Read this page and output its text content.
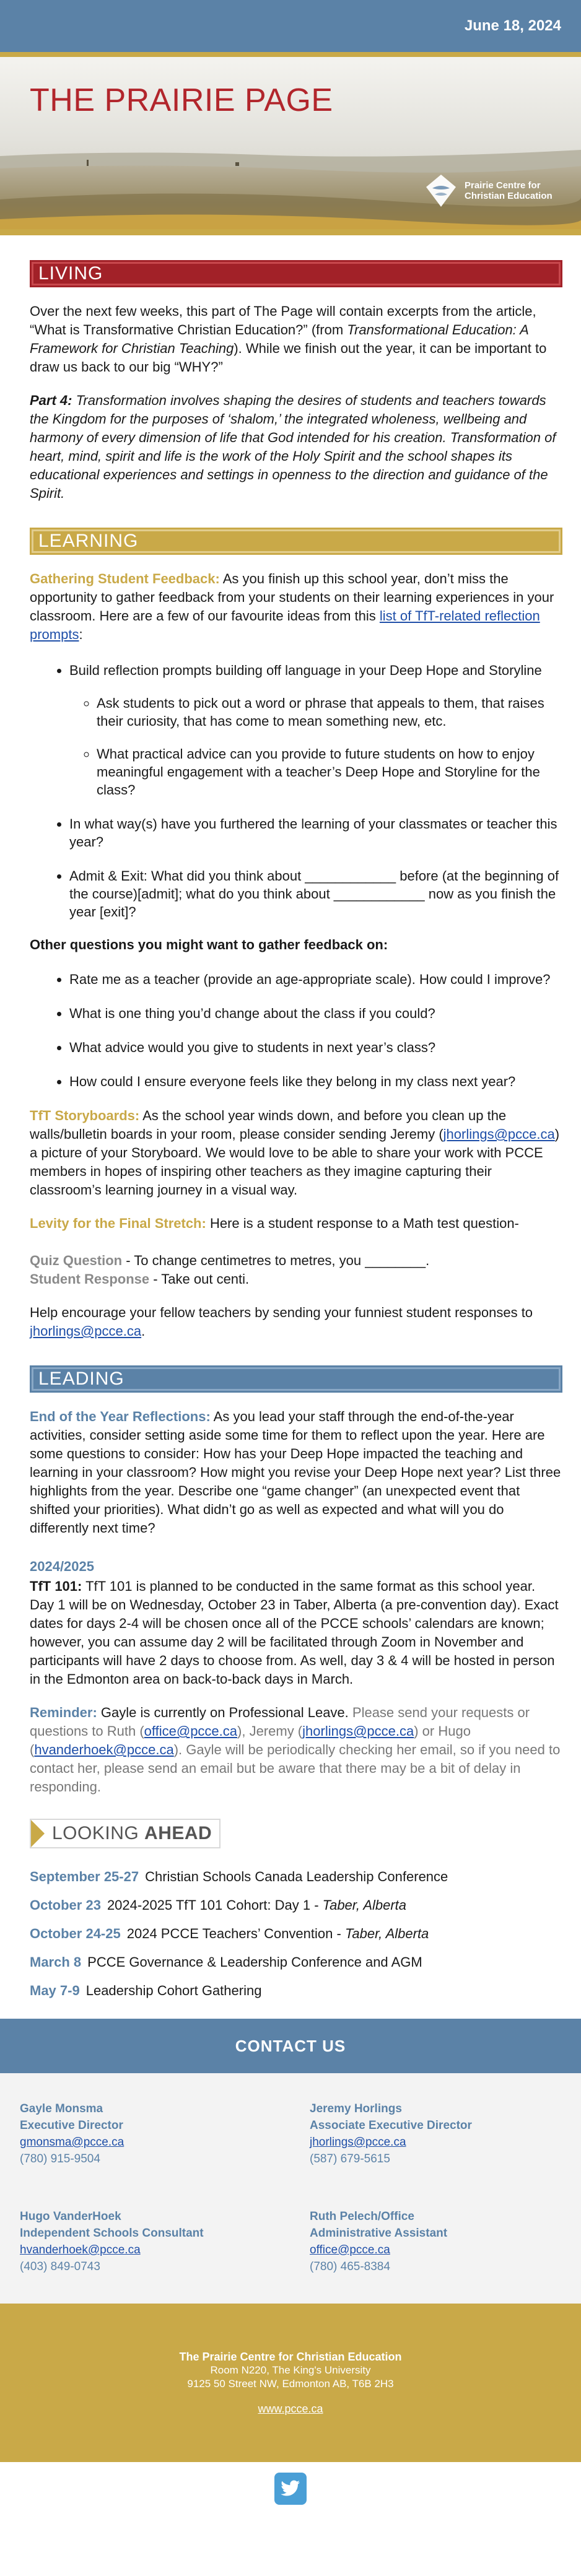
June 18, 2024
THE PRAIRIE PAGE
Prairie Centre for
Christian Education
LIVING

Over the next few weeks, this part of The Page will contain excerpts from the article, “What is Transformative Christian Education?” (from Transformational Education: A Framework for Christian Teaching). While we finish out the year, it can be important to draw us back to our big “WHY?”

Part 4: Transformation involves shaping the desires of students and teachers towards the Kingdom for the purposes of ‘shalom,’ the integrated wholeness, wellbeing and harmony of every dimension of life that God intended for his creation. Transformation of heart, mind, spirit and life is the work of the Holy Spirit and the school shapes its educational experiences and settings in openness to the direction and guidance of the Spirit.

LEARNING

Gathering Student Feedback: As you finish up this school year, don’t miss the opportunity to gather feedback from your students on their learning experiences in your classroom. Here are a few of our favourite ideas from this list of TfT-related reflection prompts:

• Build reflection prompts building off language in your Deep Hope and Storyline
◦ Ask students to pick out a word or phrase that appeals to them, that raises their curiosity, that has come to mean something new, etc.
◦ What practical advice can you provide to future students on how to enjoy meaningful engagement with a teacher’s Deep Hope and Storyline for the class?
• In what way(s) have you furthered the learning of your classmates or teacher this year?
• Admit & Exit: What did you think about ____________ before (at the beginning of the course)[admit]; what do you think about ____________ now as you finish the year [exit]?
Other questions you might want to gather feedback on:
• Rate me as a teacher (provide an age-appropriate scale). How could I improve?
• What is one thing you’d change about the class if you could?
• What advice would you give to students in next year’s class?
• How could I ensure everyone feels like they belong in my class next year?

TfT Storyboards: As the school year winds down, and before you clean up the walls/bulletin boards in your room, please consider sending Jeremy (jhorlings@pcce.ca) a picture of your Storyboard. We would love to be able to share your work with PCCE members in hopes of inspiring other teachers as they imagine capturing their classroom’s learning journey in a visual way.

Levity for the Final Stretch: Here is a student response to a Math test question-

Quiz Question - To change centimetres to metres, you ________.
Student Response - Take out centi.

Help encourage your fellow teachers by sending your funniest student responses to jhorlings@pcce.ca.

LEADING

End of the Year Reflections: As you lead your staff through the end-of-the-year activities, consider setting aside some time for them to reflect upon the year. Here are some questions to consider: How has your Deep Hope impacted the teaching and learning in your classroom? How might you revise your Deep Hope next year? List three highlights from the year. Describe one “game changer” (an unexpected event that shifted your priorities). What didn’t go as well as expected and what will you do differently next time?

2024/2025

TfT 101: TfT 101 is planned to be conducted in the same format as this school year. Day 1 will be on Wednesday, October 23 in Taber, Alberta (a pre-convention day). Exact dates for days 2-4 will be chosen once all of the PCCE schools’ calendars are known; however, you can assume day 2 will be facilitated through Zoom in November and participants will have 2 days to choose from. As well, day 3 & 4 will be hosted in person in the Edmonton area on back-to-back days in March.

Reminder: Gayle is currently on Professional Leave. Please send your requests or questions to Ruth (office@pcce.ca), Jeremy (jhorlings@pcce.ca) or Hugo (hvanderhoek@pcce.ca). Gayle will be periodically checking her email, so if you need to contact her, please send an email but be aware that there may be a bit of delay in responding.

LOOKING AHEAD
September 25-27 Christian Schools Canada Leadership Conference
October 23 2024-2025 TfT 101 Cohort: Day 1 - Taber, Alberta
October 24-25 2024 PCCE Teachers’ Convention - Taber, Alberta
March 8 PCCE Governance & Leadership Conference and AGM
May 7-9 Leadership Cohort Gathering
CONTACT US
Gayle Monsma
Executive Director
gmonsma@pcce.ca
(780) 915-9504
Jeremy Horlings
Associate Executive Director
jhorlings@pcce.ca
(587) 679-5615
Hugo VanderHoek
Independent Schools Consultant
hvanderhoek@pcce.ca
(403) 849-0743
Ruth Pelech/Office
Administrative Assistant
office@pcce.ca
(780) 465-8384
The Prairie Centre for Christian Education
Room N220, The King's University
9125 50 Street NW, Edmonton AB, T6B 2H3
www.pcce.ca
